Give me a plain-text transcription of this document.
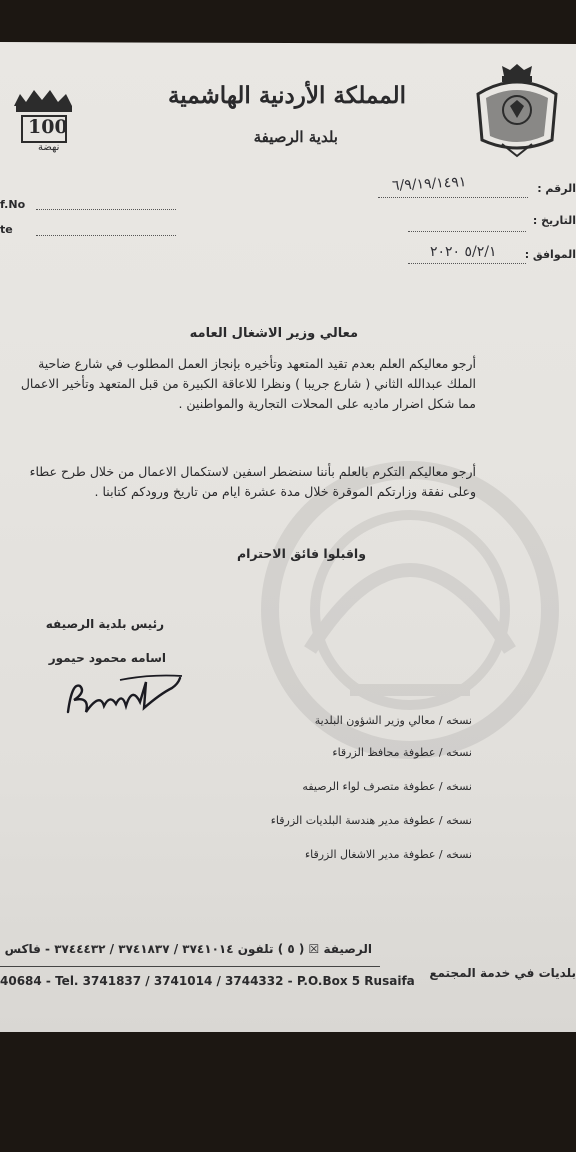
100
نهضة
المملكة الأردنية الهاشمية
بلدية الرصيفة
f.No
te
الرقم :
٦/٩/١٩/١٤٩١
التاريخ :
الموافق :
٥/٢/١ ٢٠٢٠
معالي وزير الاشغال العامه
أرجو معاليكم العلم بعدم تقيد المتعهد وتأخيره بإنجاز العمل المطلوب في شارع ضاحية الملك عبدالله الثاني ( شارع جريبا ) ونظرا للاعاقة الكبيرة من قبل المتعهد وتأخير الاعمال مما شكل اضرار ماديه على المحلات التجارية والمواطنين .
أرجو معاليكم التكرم بالعلم بأننا سنضطر اسفين لاستكمال الاعمال من خلال طرح عطاء وعلى نفقة وزارتكم الموقرة خلال مدة عشرة ايام من تاريخ ورودكم كتابنا .
واقبلوا فائق الاحترام
رئيس بلدية الرصيفه
اسامه محمود حيمور
نسخه / معالي وزير الشؤون البلدية
نسخه / عطوفة محافظ الزرقاء
نسخه / عطوفة متصرف لواء الرصيفه
نسخه / عطوفة مدير هندسة البلديات الزرقاء
نسخه / عطوفة مدير الاشغال الزرقاء
الرصيفة ☒ ( ٥ ) تلفون ٣٧٤١٠١٤ / ٣٧٤١٨٣٧ / ٣٧٤٤٤٣٢ - فاكس
40684 - Tel. 3741837 / 3741014 / 3744332 - P.O.Box 5 Rusaifa
بلديات في خدمة المجتمع
